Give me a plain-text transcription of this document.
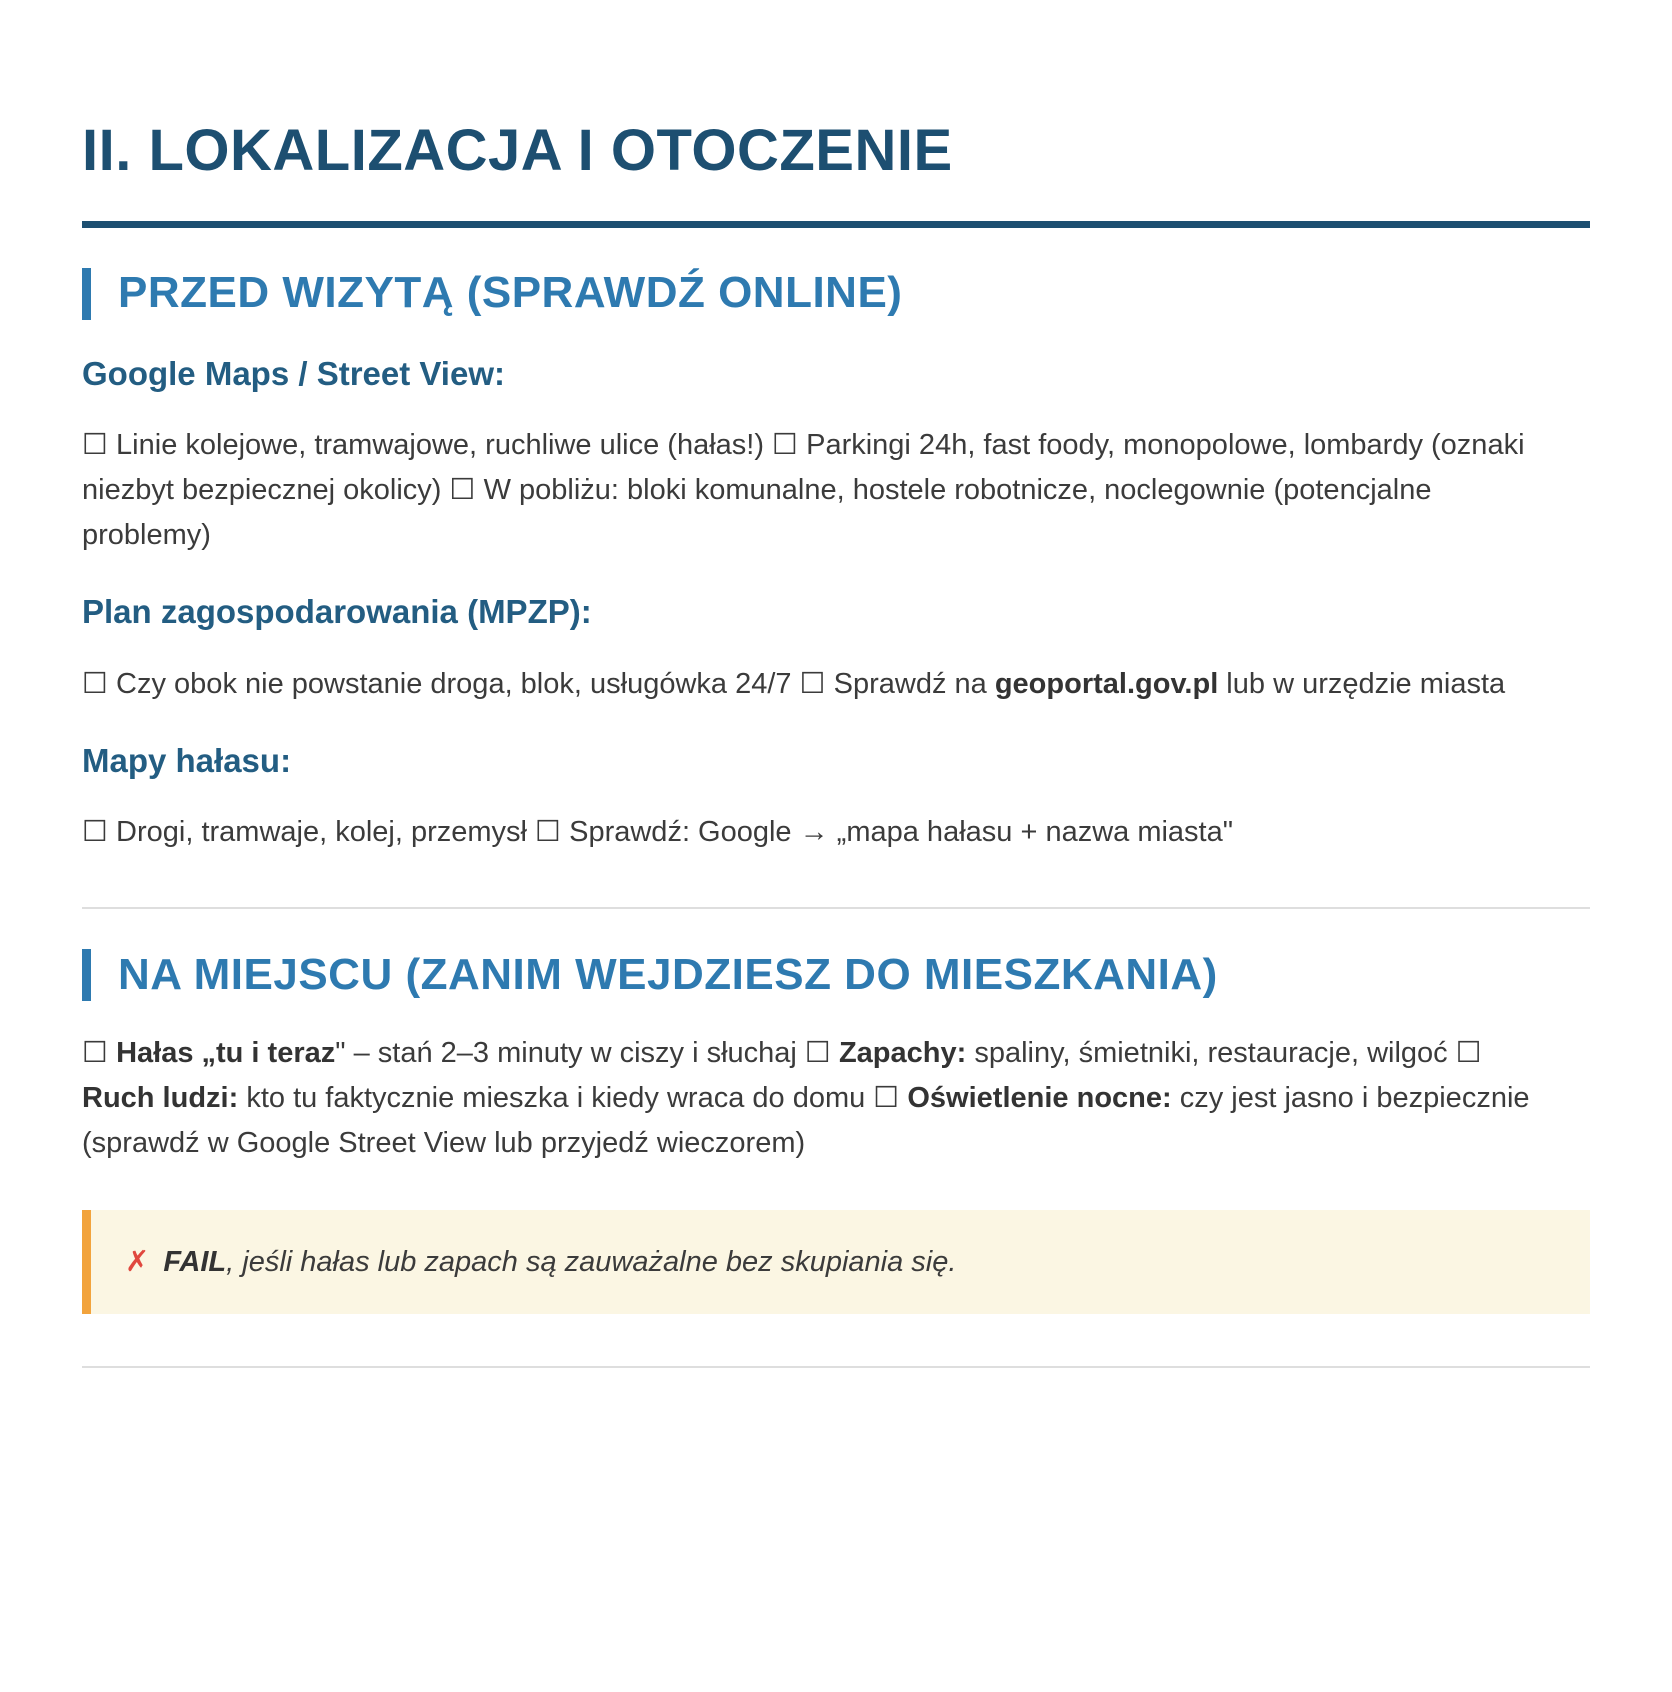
II. LOKALIZACJA I OTOCZENIE
PRZED WIZYTĄ (SPRAWDŹ ONLINE)
Google Maps / Street View:

☐ Linie kolejowe, tramwajowe, ruchliwe ulice (hałas!) ☐ Parkingi 24h, fast foody, monopolowe, lombardy (oznaki niezbyt bezpiecznej okolicy) ☐ W pobliżu: bloki komunalne, hostele robotnicze, noclegownie (potencjalne problemy)

Plan zagospodarowania (MPZP):

☐ Czy obok nie powstanie droga, blok, usługówka 24/7 ☐ Sprawdź na geoportal.gov.pl lub w urzędzie miasta

Mapy hałasu:

☐ Drogi, tramwaje, kolej, przemysł ☐ Sprawdź: Google → „mapa hałasu + nazwa miasta"

NA MIEJSCU (ZANIM WEJDZIESZ DO MIESZKANIA)

☐ Hałas „tu i teraz" – stań 2–3 minuty w ciszy i słuchaj ☐ Zapachy: spaliny, śmietniki, restauracje, wilgoć ☐ Ruch ludzi: kto tu faktycznie mieszka i kiedy wraca do domu ☐ Oświetlenie nocne: czy jest jasno i bezpiecznie (sprawdź w Google Street View lub przyjedź wieczorem)

✗ FAIL, jeśli hałas lub zapach są zauważalne bez skupiania się.
